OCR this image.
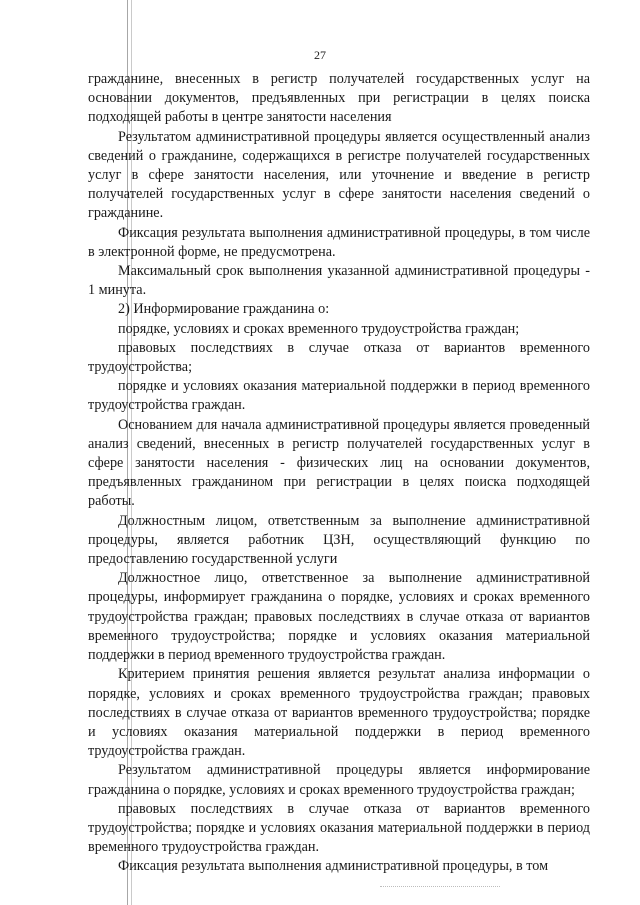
27

гражданине, внесенных в регистр получателей государственных услуг на основании документов, предъявленных при регистрации в целях поиска подходящей работы в центре занятости населения

Результатом административной процедуры является осуществленный анализ сведений о гражданине, содержащихся в регистре получателей государственных услуг в сфере занятости населения, или уточнение и введение в регистр получателей государственных услуг в сфере занятости населения сведений о гражданине.

Фиксация результата выполнения административной процедуры, в том числе в электронной форме, не предусмотрена.

Максимальный срок выполнения указанной административной процедуры - 1 минута.

2) Информирование гражданина о:

порядке, условиях и сроках временного трудоустройства граждан;

правовых последствиях в случае отказа от вариантов временного трудоустройства;

порядке и условиях оказания материальной поддержки в период временного трудоустройства граждан.

Основанием для начала административной процедуры является проведенный анализ сведений, внесенных в регистр получателей государственных услуг в сфере занятости населения - физических лиц на основании документов, предъявленных гражданином при регистрации в целях поиска подходящей работы.

Должностным лицом, ответственным за выполнение административной процедуры, является работник ЦЗН, осуществляющий функцию по предоставлению государственной услуги

Должностное лицо, ответственное за выполнение административной процедуры, информирует гражданина о порядке, условиях и сроках временного трудоустройства граждан; правовых последствиях в случае отказа от вариантов временного трудоустройства; порядке и условиях оказания материальной поддержки в период временного трудоустройства граждан.

Критерием принятия решения является результат анализа информации о порядке, условиях и сроках временного трудоустройства граждан; правовых последствиях в случае отказа от вариантов временного трудоустройства; порядке и условиях оказания материальной поддержки в период временного трудоустройства граждан.

Результатом административной процедуры является информирование гражданина о порядке, условиях и сроках временного трудоустройства граждан;

правовых последствиях в случае отказа от вариантов временного трудоустройства; порядке и условиях оказания материальной поддержки в период временного трудоустройства граждан.

Фиксация результата выполнения административной процедуры, в том
